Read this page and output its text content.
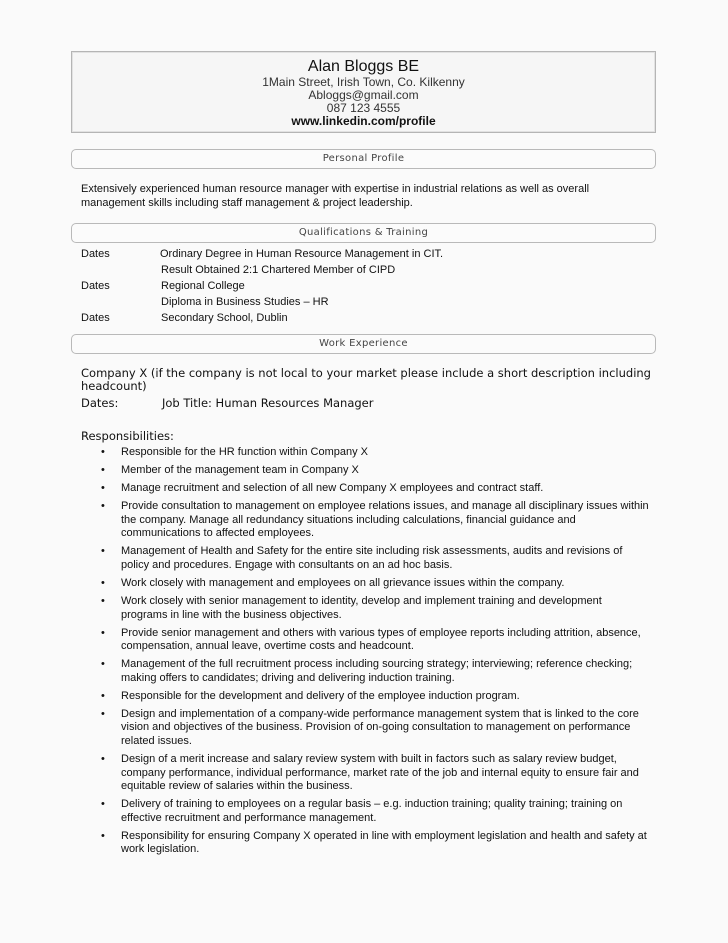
Alan Bloggs BE
1Main Street, Irish Town, Co. Kilkenny
Abloggs@gmail.com
087 123 4555
www.linkedin.com/profile
Personal Profile
Extensively experienced human resource manager with expertise in industrial relations as well as overall
management skills including staff management & project leadership.
Qualifications & Training
Dates	Ordinary Degree in Human Resource Management in CIT.
Result Obtained 2:1 Chartered Member of CIPD
Dates	Regional College
Diploma in Business Studies – HR
Dates	Secondary School, Dublin
Work Experience
Company X (if the company is not local to your market please include a short description including
headcount)
Dates:	Job Title: Human Resources Manager
Responsibilities:
• Responsible for the HR function within Company X
• Member of the management team in Company X
• Manage recruitment and selection of all new Company X employees and contract staff.
• Provide consultation to management on employee relations issues, and manage all disciplinary issues within the company. Manage all redundancy situations including calculations, financial guidance and communications to affected employees.
• Management of Health and Safety for the entire site including risk assessments, audits and revisions of policy and procedures. Engage with consultants on an ad hoc basis.
• Work closely with management and employees on all grievance issues within the company.
• Work closely with senior management to identity, develop and implement training and development programs in line with the business objectives.
• Provide senior management and others with various types of employee reports including attrition, absence, compensation, annual leave, overtime costs and headcount.
• Management of the full recruitment process including sourcing strategy; interviewing; reference checking; making offers to candidates; driving and delivering induction training.
• Responsible for the development and delivery of the employee induction program.
• Design and implementation of a company-wide performance management system that is linked to the core vision and objectives of the business. Provision of on-going consultation to management on performance related issues.
• Design of a merit increase and salary review system with built in factors such as salary review budget, company performance, individual performance, market rate of the job and internal equity to ensure fair and equitable review of salaries within the business.
• Delivery of training to employees on a regular basis – e.g. induction training; quality training; training on effective recruitment and performance management.
• Responsibility for ensuring Company X operated in line with employment legislation and health and safety at work legislation.
